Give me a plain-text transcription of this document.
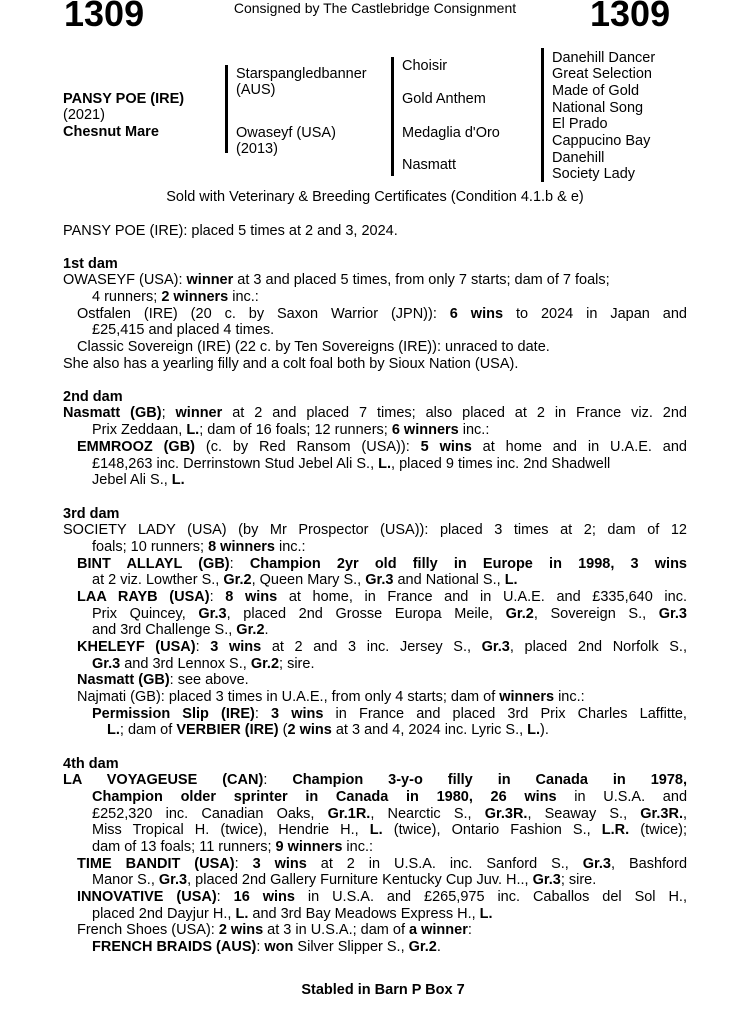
1309	Consigned by The Castlebridge Consignment	1309
PANSY POE (IRE)
(2021)
Chesnut Mare
Starspangledbanner
(AUS)
Owaseyf (USA)
(2013)
Choisir
Gold Anthem
Medaglia d'Oro
Nasmatt
Danehill Dancer
Great Selection
Made of Gold
National Song
El Prado
Cappucino Bay
Danehill
Society Lady
Sold with Veterinary & Breeding Certificates (Condition 4.1.b & e)
PANSY POE (IRE): placed 5 times at 2 and 3, 2024.
1st dam
OWASEYF (USA): winner at 3 and placed 5 times, from only 7 starts; dam of 7 foals;
4 runners; 2 winners inc.:
Ostfalen (IRE) (20 c. by Saxon Warrior (JPN)): 6 wins to 2024 in Japan and
£25,415 and placed 4 times.
Classic Sovereign (IRE) (22 c. by Ten Sovereigns (IRE)): unraced to date.
She also has a yearling filly and a colt foal both by Sioux Nation (USA).
2nd dam
Nasmatt (GB); winner at 2 and placed 7 times; also placed at 2 in France viz. 2nd
Prix Zeddaan, L.; dam of 16 foals; 12 runners; 6 winners inc.:
EMMROOZ (GB) (c. by Red Ransom (USA)): 5 wins at home and in U.A.E. and
£148,263 inc. Derrinstown Stud Jebel Ali S., L., placed 9 times inc. 2nd Shadwell
Jebel Ali S., L.
3rd dam
SOCIETY LADY (USA) (by Mr Prospector (USA)): placed 3 times at 2; dam of 12
foals; 10 runners; 8 winners inc.:
BINT ALLAYL (GB): Champion 2yr old filly in Europe in 1998, 3 wins
at 2 viz. Lowther S., Gr.2, Queen Mary S., Gr.3 and National S., L.
LAA RAYB (USA): 8 wins at home, in France and in U.A.E. and £335,640 inc.
Prix Quincey, Gr.3, placed 2nd Grosse Europa Meile, Gr.2, Sovereign S., Gr.3
and 3rd Challenge S., Gr.2.
KHELEYF (USA): 3 wins at 2 and 3 inc. Jersey S., Gr.3, placed 2nd Norfolk S.,
Gr.3 and 3rd Lennox S., Gr.2; sire.
Nasmatt (GB): see above.
Najmati (GB): placed 3 times in U.A.E., from only 4 starts; dam of winners inc.:
Permission Slip (IRE): 3 wins in France and placed 3rd Prix Charles Laffitte,
L.; dam of VERBIER (IRE) (2 wins at 3 and 4, 2024 inc. Lyric S., L.).
4th dam
LA VOYAGEUSE (CAN): Champion 3-y-o filly in Canada in 1978,
Champion older sprinter in Canada in 1980, 26 wins in U.S.A. and
£252,320 inc. Canadian Oaks, Gr.1R., Nearctic S., Gr.3R., Seaway S., Gr.3R.,
Miss Tropical H. (twice), Hendrie H., L. (twice), Ontario Fashion S., L.R. (twice);
dam of 13 foals; 11 runners; 9 winners inc.:
TIME BANDIT (USA): 3 wins at 2 in U.S.A. inc. Sanford S., Gr.3, Bashford
Manor S., Gr.3, placed 2nd Gallery Furniture Kentucky Cup Juv. H.., Gr.3; sire.
INNOVATIVE (USA): 16 wins in U.S.A. and £265,975 inc. Caballos del Sol H.,
placed 2nd Dayjur H., L. and 3rd Bay Meadows Express H., L.
French Shoes (USA): 2 wins at 3 in U.S.A.; dam of a winner:
FRENCH BRAIDS (AUS): won Silver Slipper S., Gr.2.
Stabled in Barn P Box 7
